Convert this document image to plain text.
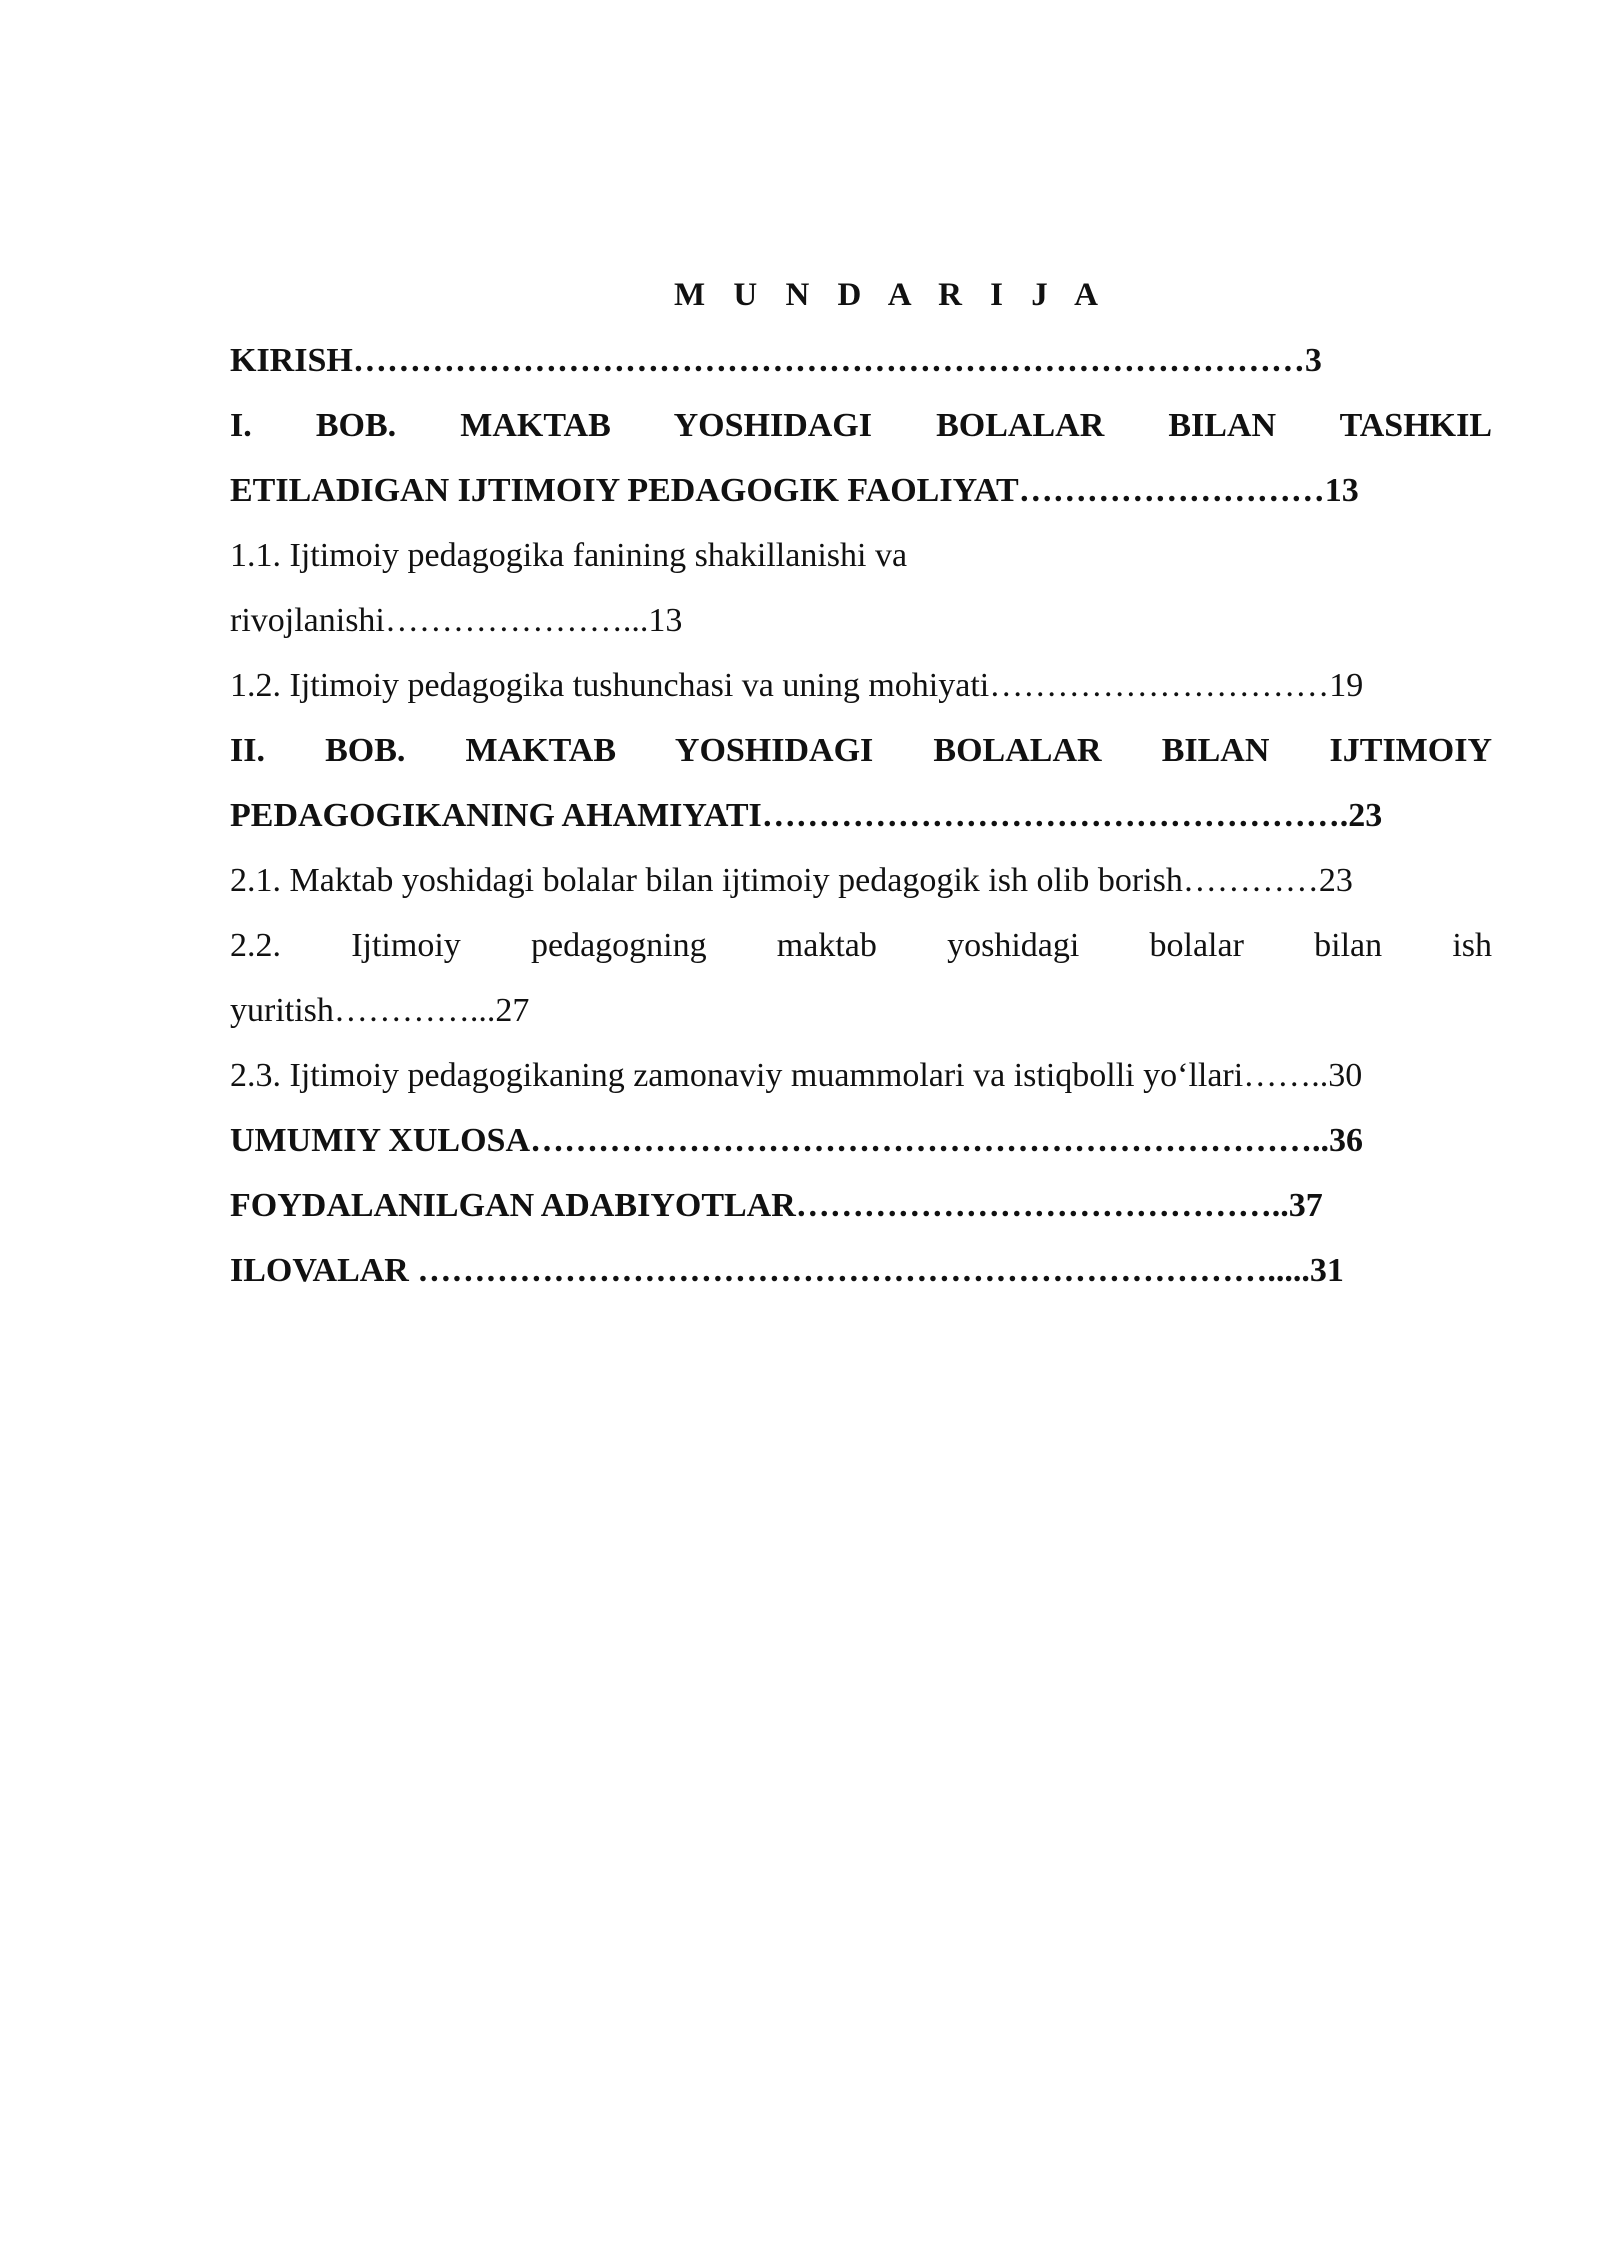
M U N D A R I J A
KIRISH…………………………………………………………………………3
I. BOB. MAKTAB YOSHIDAGI BOLALAR BILAN TASHKIL
ETILADIGAN IJTIMOIY PEDAGOGIK FAOLIYAT………………………13
1.1. Ijtimoiy pedagogika fanining shakillanishi va
rivojlanishi…………………...13
1.2. Ijtimoiy pedagogika tushunchasi va uning mohiyati…………………………19
II. BOB. MAKTAB YOSHIDAGI BOLALAR BILAN IJTIMOIY
PEDAGOGIKANING AHAMIYATI…………………………………………….23
2.1. Maktab yoshidagi bolalar bilan ijtimoiy pedagogik ish olib borish…………23
2.2. Ijtimoiy pedagogning maktab yoshidagi bolalar bilan ish
yuritish…………...27
2.3. Ijtimoiy pedagogikaning zamonaviy muammolari va istiqbolli yo‘llari……..30
UMUMIY XULOSA……………………………………………………………..36
FOYDALANILGAN ADABIYOTLAR……………………………………..37
ILOVALAR ………………………………………………………………….....31
